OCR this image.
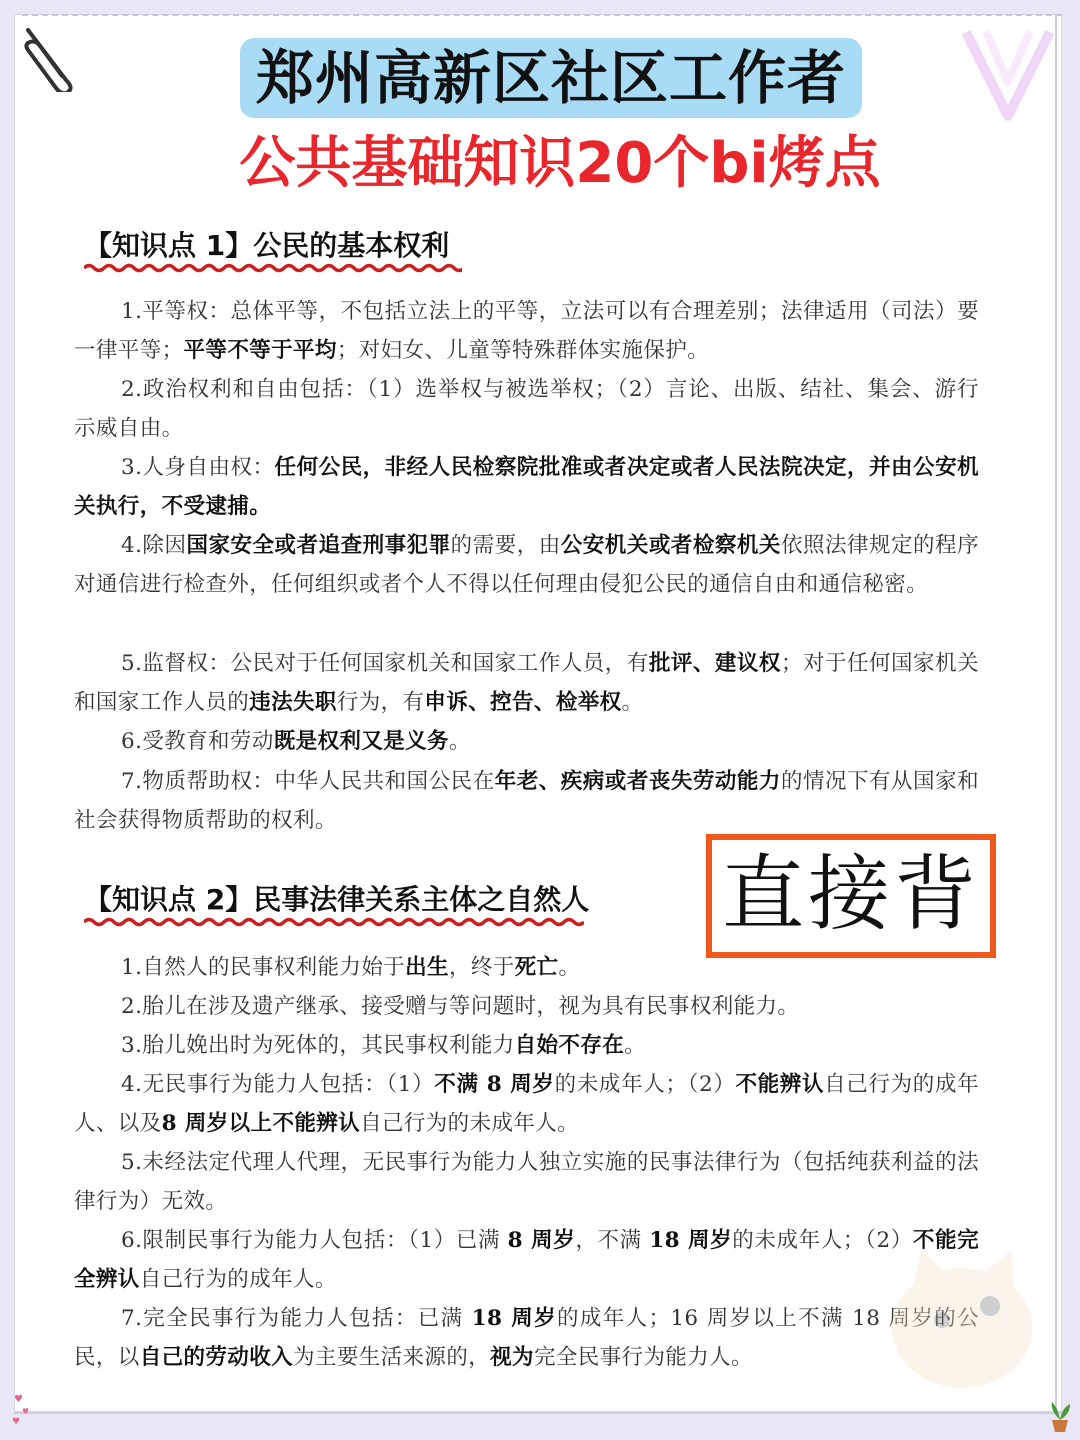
郑州高新区社区工作者
公共基础知识20个bi烤点
【知识点 1】公民的基本权利
1.平等权：总体平等，不包括立法上的平等，立法可以有合理差别；法律适用（司法）要一律平等；平等不等于平均；对妇女、儿童等特殊群体实施保护。
2.政治权利和自由包括：（1）选举权与被选举权；（2）言论、出版、结社、集会、游行示威自由。
3.人身自由权：任何公民，非经人民检察院批准或者决定或者人民法院决定，并由公安机关执行，不受逮捕。
4.除因国家安全或者追查刑事犯罪的需要，由公安机关或者检察机关依照法律规定的程序对通信进行检查外，任何组织或者个人不得以任何理由侵犯公民的通信自由和通信秘密。
5.监督权：公民对于任何国家机关和国家工作人员，有批评、建议权；对于任何国家机关和国家工作人员的违法失职行为，有申诉、控告、检举权。
6.受教育和劳动既是权利又是义务。
7.物质帮助权：中华人民共和国公民在年老、疾病或者丧失劳动能力的情况下有从国家和社会获得物质帮助的权利。
直接背
【知识点 2】民事法律关系主体之自然人
1.自然人的民事权利能力始于出生，终于死亡。
2.胎儿在涉及遗产继承、接受赠与等问题时，视为具有民事权利能力。
3.胎儿娩出时为死体的，其民事权利能力自始不存在。
4.无民事行为能力人包括：（1）不满 8 周岁的未成年人；（2）不能辨认自己行为的成年人、以及8 周岁以上不能辨认自己行为的未成年人。
5.未经法定代理人代理，无民事行为能力人独立实施的民事法律行为（包括纯获利益的法律行为）无效。
6.限制民事行为能力人包括：（1）已满 8 周岁，不满 18 周岁的未成年人；（2）不能完全辨认自己行为的成年人。
7.完全民事行为能力人包括：已满 18 周岁的成年人；16 周岁以上不满 18 周岁的公民，以自己的劳动收入为主要生活来源的，视为完全民事行为能力人。
♥
♥
♥
